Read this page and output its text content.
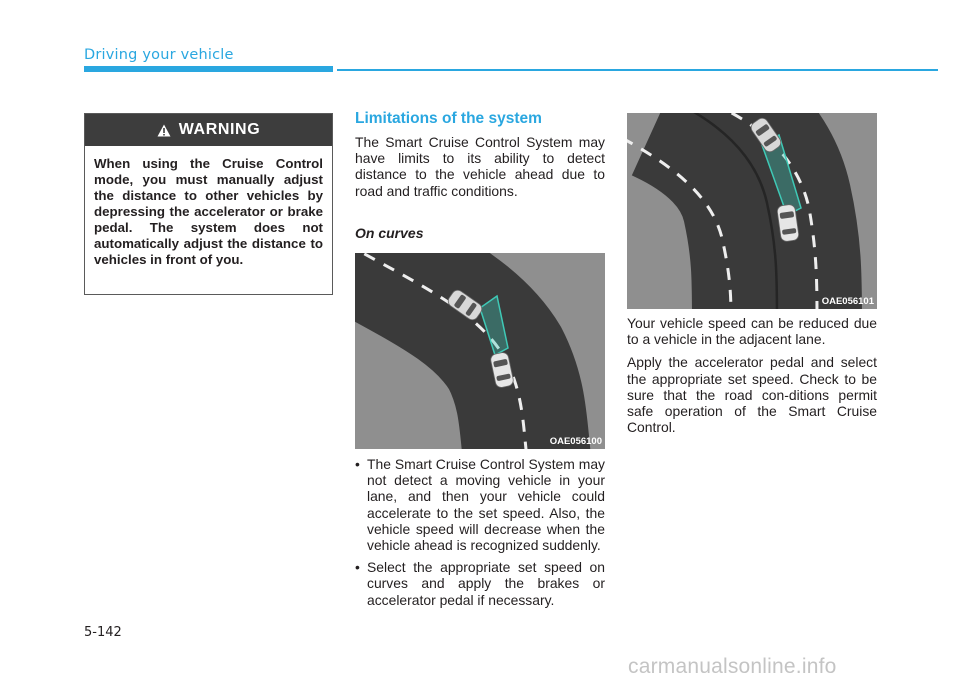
Driving your vehicle
WARNING
When using the Cruise Control mode, you must manually adjust the distance to other vehicles by depressing the accelerator or brake pedal. The system does not automatically adjust the distance to vehicles in front of you.
Limitations of the system
The Smart Cruise Control System may have limits to its ability to detect distance to the vehicle ahead due to road and traffic conditions.
On curves
OAE056100
• The Smart Cruise Control System may not detect a moving vehicle in your lane, and then your vehicle could accelerate to the set speed. Also, the vehicle speed will decrease when the vehicle ahead is recognized suddenly.
• Select the appropriate set speed on curves and apply the brakes or accelerator pedal if necessary.
OAE056101

Your vehicle speed can be reduced due to a vehicle in the adjacent lane.

Apply the accelerator pedal and select the appropriate set speed. Check to be sure that the road con-ditions permit safe operation of the Smart Cruise Control.

5-142
carmanualsonline.info
